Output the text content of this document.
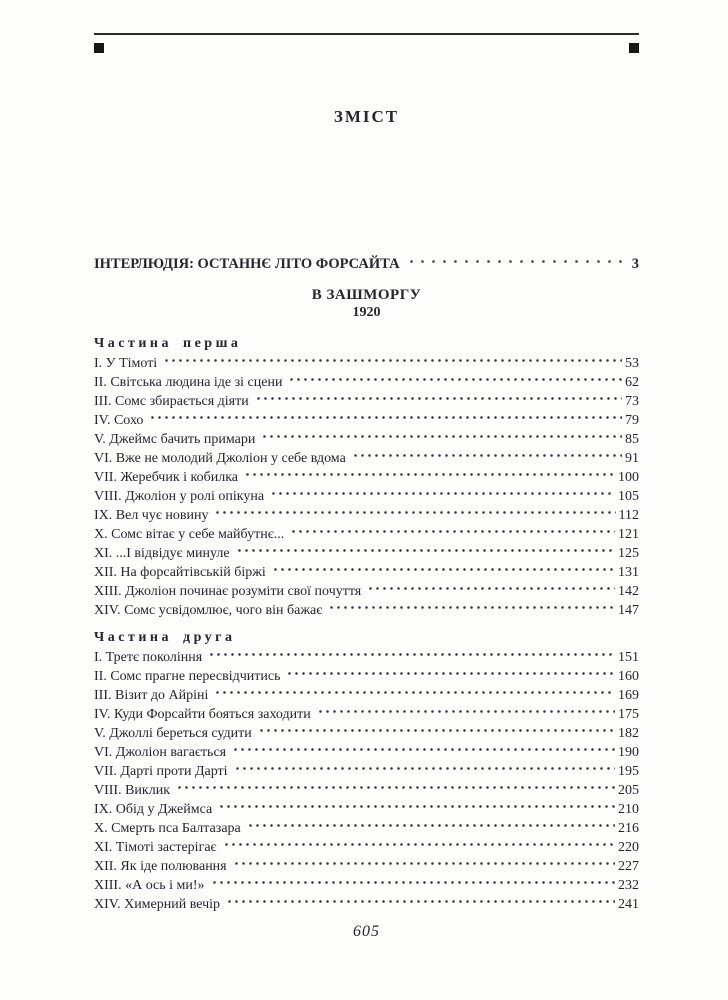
ЗМІСТ
ІНТЕРЛЮДІЯ: ОСТАННЄ ЛІТО ФОРСАЙТА	3
В ЗАШМОРГУ
1920
Частина перша
I. У Тімоті	53
II. Світська людина іде зі сцени	62
III. Сомс збирається діяти	73
IV. Сохо	79
V. Джеймс бачить примари	85
VI. Вже не молодий Джоліон у себе вдома	91
VII. Жеребчик і кобилка	100
VIII. Джоліон у ролі опікуна	105
IX. Вел чує новину	112
X. Сомс вітає у себе майбутнє...	121
XI. ...І відвідує минуле	125
XII. На форсайтівській біржі	131
XIII. Джоліон починає розуміти свої почуття	142
XIV. Сомс усвідомлює, чого він бажає	147
Частина друга
I. Третє покоління	151
II. Сомс прагне пересвідчитись	160
III. Візит до Айріні	169
IV. Куди Форсайти бояться заходити	175
V. Джоллі береться судити	182
VI. Джоліон вагається	190
VII. Дарті проти Дарті	195
VIII. Виклик	205
IX. Обід у Джеймса	210
X. Смерть пса Балтазара	216
XI. Тімоті застерігає	220
XII. Як іде полювання	227
XIII. «А ось і ми!»	232
XIV. Химерний вечір	241
605
